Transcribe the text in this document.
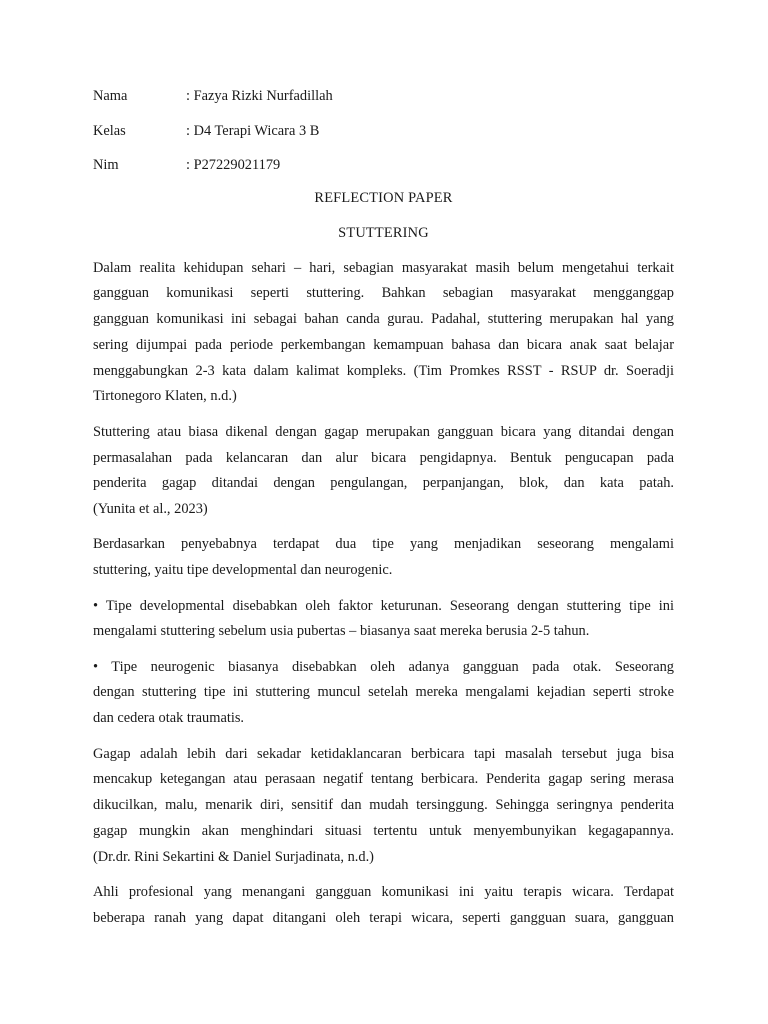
Nama	: Fazya Rizki Nurfadillah
Kelas	: D4 Terapi Wicara 3 B
Nim	: P27229021179
REFLECTION PAPER
STUTTERING
Dalam realita kehidupan sehari – hari, sebagian masyarakat masih belum mengetahui terkait
gangguan komunikasi seperti stuttering. Bahkan sebagian masyarakat mengganggap
gangguan komunikasi ini sebagai bahan canda gurau. Padahal, stuttering merupakan hal yang
sering dijumpai pada periode perkembangan kemampuan bahasa dan bicara anak saat belajar
menggabungkan 2-3 kata dalam kalimat kompleks. (Tim Promkes RSST - RSUP dr. Soeradji
Tirtonegoro Klaten, n.d.)
Stuttering atau biasa dikenal dengan gagap merupakan gangguan bicara yang ditandai dengan
permasalahan pada kelancaran dan alur bicara pengidapnya. Bentuk pengucapan pada
penderita gagap ditandai dengan pengulangan, perpanjangan, blok, dan kata patah.
(Yunita et al., 2023)
Berdasarkan penyebabnya terdapat dua tipe yang menjadikan seseorang mengalami
stuttering, yaitu tipe developmental dan neurogenic.
• Tipe developmental disebabkan oleh faktor keturunan. Seseorang dengan stuttering tipe ini
mengalami stuttering sebelum usia pubertas – biasanya saat mereka berusia 2-5 tahun.
• Tipe neurogenic biasanya disebabkan oleh adanya gangguan pada otak. Seseorang
dengan stuttering tipe ini stuttering muncul setelah mereka mengalami kejadian seperti stroke
dan cedera otak traumatis.
Gagap adalah lebih dari sekadar ketidaklancaran berbicara tapi masalah tersebut juga bisa
mencakup ketegangan atau perasaan negatif tentang berbicara. Penderita gagap sering merasa
dikucilkan, malu, menarik diri, sensitif dan mudah tersinggung. Sehingga seringnya penderita
gagap mungkin akan menghindari situasi tertentu untuk menyembunyikan kegagapannya.
(Dr.dr. Rini Sekartini & Daniel Surjadinata, n.d.)
Ahli profesional yang menangani gangguan komunikasi ini yaitu terapis wicara. Terdapat
beberapa ranah yang dapat ditangani oleh terapi wicara, seperti gangguan suara, gangguan
